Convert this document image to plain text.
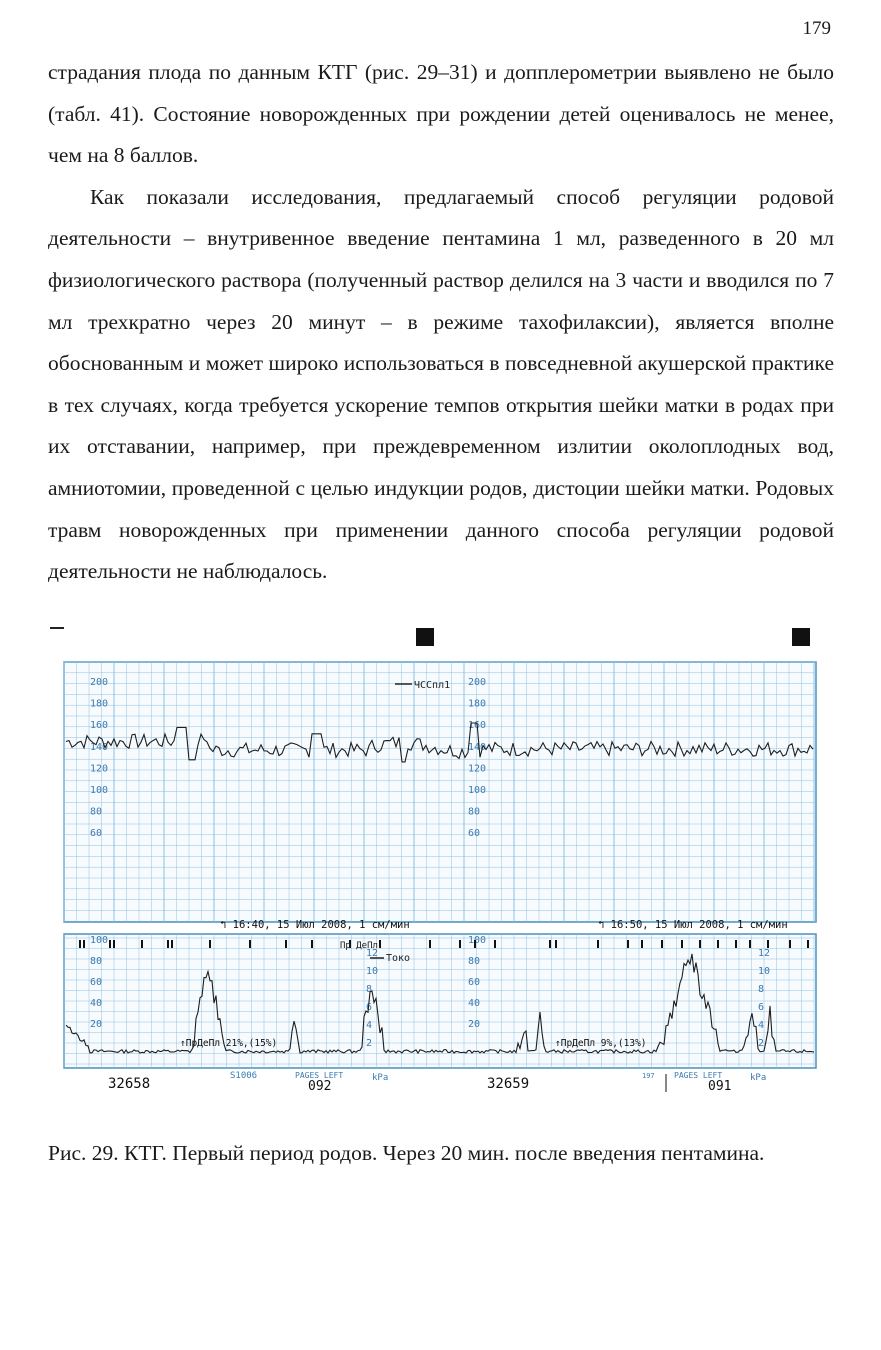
179

страдания плода по данным КТГ (рис. 29–31) и допплерометрии выявлено не было (табл. 41). Состояние новорожденных при рождении детей оценивалось не менее, чем на 8 баллов.

Как показали исследования, предлагаемый способ регуляции родовой деятельности – внутривенное введение пентамина 1 мл, разведенного в 20 мл физиологического раствора (полученный раствор делился на 3 части и вводился по 7 мл трехкратно через 20 минут – в режиме тахофилаксии), является вполне обоснованным и может широко использоваться в повседневной акушерской практике в тех случаях, когда требуется ускорение темпов открытия шейки матки в родах при их отставании, например, при преждевременном излитии околоплодных вод, амниотомии, проведенной с целью индукции родов, дистоции шейки матки. Родовых травм новорожденных при применении данного способа регуляции родовой деятельности не наблюдалось.

200
180
160
140
120
100
80
60
200
180
160
140
120
100
80
60
ЧССпл1
↰ 16:40, 15 Июл 2008, 1 см/мин	↰ 16:50, 15 Июл 2008, 1 см/мин
100	100
80	80
60	60
40	40
20	20
12	12
10	10
8	8
6	6
4	4
2	2
Токо
Пр ДеПл
↑ПрДеПл 21%,(15%)	↑ПрДеПл 9%,(13%)
32658	S1006	PAGES LEFT
092
kPa	32659	197 PAGES LEFT
091
kPa
Рис. 29. КТГ. Первый период родов. Через 20 мин. после введения пентамина.
